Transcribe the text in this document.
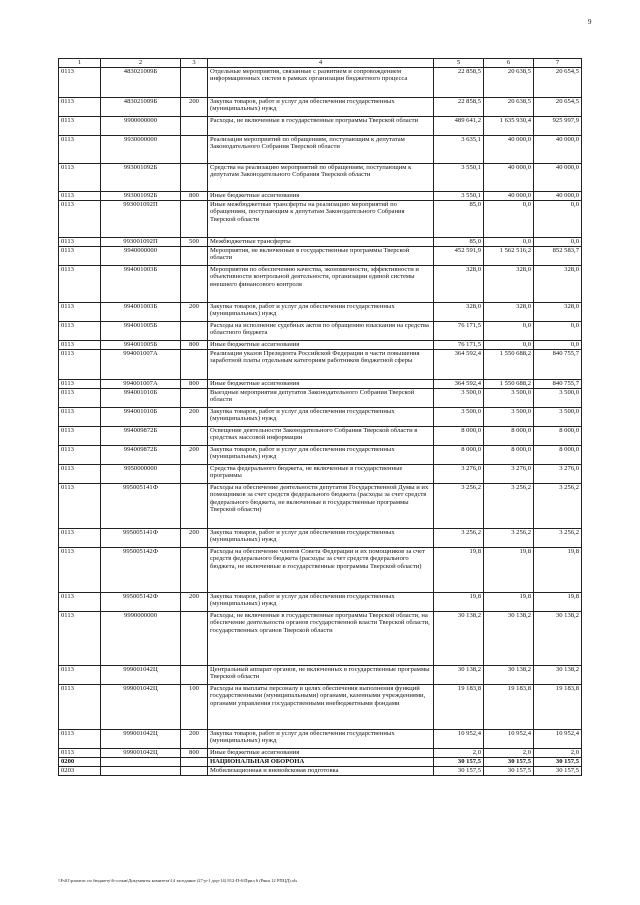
9
1	2	3	4	5	6	7
0113	483021009Б		Отдельные мероприятия, связанные с развитием и сопровождением информационных систем в рамках организации бюджетного процесса	22 858,5	20 638,5	20 654,5
0113	483021009Б	200	Закупка товаров, работ и услуг для обеспечения государственных (муниципальных) нужд	22 858,5	20 638,5	20 654,5
0113	9900000000		Расходы, не включенные в государственные программы Тверской области	489 641,2	1 635 930,4	925 997,9
0113	9930000000		Реализация мероприятий по обращениям, поступающим к депутатам Законодательного Собрания Тверской области	3 635,1	40 000,0	40 000,0
0113	993001092Б		Средства на реализацию мероприятий по обращениям, поступающим к депутатам Законодательного Собрания Тверской области	3 550,1	40 000,0	40 000,0
0113	993001092Б	800	Иные бюджетные ассигнования	3 550,1	40 000,0	40 000,0
0113	993001092П		Иные межбюджетные трансферты на реализацию мероприятий по обращениям, поступающим к депутатам Законодательного Собрания Тверской области	85,0	0,0	0,0
0113	993001092П	500	Межбюджетные трансферты	85,0	0,0	0,0
0113	9940000000		Мероприятия, не включенные в государственные программы Тверской области	452 591,9	1 562 516,2	852 583,7
0113	994001003Б		Мероприятия по обеспечению качества, экономичности, эффективности и объективности контрольной деятельности, организации единой системы внешнего финансового контроля	328,0	328,0	328,0
0113	994001003Б	200	Закупка товаров, работ и услуг для обеспечения государственных (муниципальных) нужд	328,0	328,0	328,0
0113	994001005Б		Расходы на исполнение судебных актов по обращению взыскания на средства областного бюджета	76 171,5	0,0	0,0
0113	994001005Б	800	Иные бюджетные ассигнования	76 171,5	0,0	0,0
0113	994001007А		Реализация указов Президента Российской Федерации в части повышения заработной платы отдельным категориям работников бюджетной сферы	364 592,4	1 550 688,2	840 755,7
0113	994001007А	800	Иные бюджетные ассигнования	364 592,4	1 550 688,2	840 755,7
0113	994001010Б		Выездные мероприятия депутатов Законодательного Собрания Тверской области	3 500,0	3 500,0	3 500,0
0113	994001010Б	200	Закупка товаров, работ и услуг для обеспечения государственных (муниципальных) нужд	3 500,0	3 500,0	3 500,0
0113	994009872Б		Освещение деятельности Законодательного Собрания Тверской области в средствах массовой информации	8 000,0	8 000,0	8 000,0
0113	994009872Б	200	Закупка товаров, работ и услуг для обеспечения государственных (муниципальных) нужд	8 000,0	8 000,0	8 000,0
0113	9950000000		Средства федерального бюджета, не включенные в государственные программы	3 276,0	3 276,0	3 276,0
0113	995005141Ф		Расходы на обеспечение деятельности депутатов Государственной Думы и их помощников за счет средств федерального бюджета (расходы за счет средств федерального бюджета, не включенные в государственные программы Тверской области)	3 256,2	3 256,2	3 256,2
0113	995005141Ф	200	Закупка товаров, работ и услуг для обеспечения государственных (муниципальных) нужд	3 256,2	3 256,2	3 256,2
0113	995005142Ф		Расходы на обеспечение членов Совета Федерации и их помощников за счет средств федерального бюджета (расходы за счет средств федерального бюджета, не включенные в государственные программы Тверской области)	19,8	19,8	19,8
0113	995005142Ф	200	Закупка товаров, работ и услуг для обеспечения государственных (муниципальных) нужд	19,8	19,8	19,8
0113	9990000000		Расходы, не включенные в государственные программы Тверской области, на обеспечение деятельности органов государственной власти Тверской области, государственных органов Тверской области	30 138,2	30 138,2	30 138,2
0113	999001042Ц		Центральный аппарат органов, не включенных в государственные программы Тверской области	30 138,2	30 138,2	30 138,2
0113	999001042Ц	100	Расходы на выплаты персоналу в целях обеспечения выполнения функций государственными (муниципальными) органами, казенными учреждениями, органами управления государственными внебюджетными фондами	19 183,8	19 183,8	19 183,8
0113	999001042Ц	200	Закупка товаров, работ и услуг для обеспечения государственных (муниципальных) нужд	10 952,4	10 952,4	10 952,4
0113	999001042Ц	800	Иные бюджетные ассигнования	2,0	2,0	2,0
0200			НАЦИОНАЛЬНАЯ ОБОРОНА	30 157,5	30 157,5	30 157,5
0203			Мобилизационная и вневойсковая подготовка	30 157,5	30 157,5	30 157,5
\\Fs01\рзамтас по бюджету\6-созыв\Документы комитета\14 заседание (27-р-1 дор-14) 812-П-6\Прил 6 (Ряки 12 РПЦД).xls
